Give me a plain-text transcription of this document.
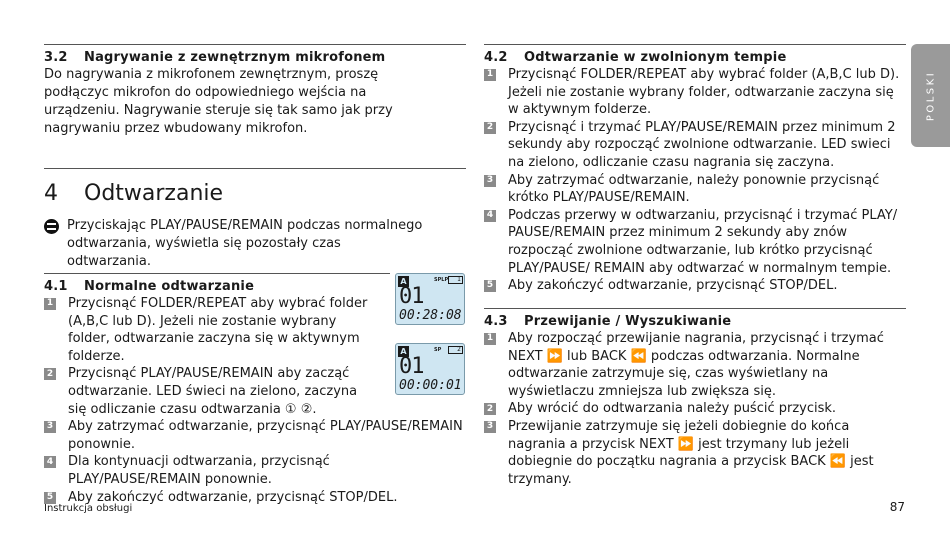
POLSKI
3.2	Nagrywanie z zewnętrznym mikrofonem

Do nagrywania z mikrofonem zewnętrznym, proszę podłączyc mikrofon do odpowiedniego wejścia na urządzeniu. Nagrywanie steruje się tak samo jak przy nagrywaniu przez wbudowany mikrofon.

4	Odtwarzanie
Przyciskając PLAY/PAUSE/REMAIN podczas normalnego odtwarzania, wyświetla się pozostały czas odtwarzania.
4.1	Normalne odtwarzanie
1 Przycisnąć FOLDER/REPEAT aby wybrać folder (A,B,C lub D). Jeżeli nie zostanie wybrany folder, odtwarzanie zaczyna się w aktywnym folderze.
2 Przycisnąć PLAY/PAUSE/REMAIN aby zacząć odtwarzanie. LED świeci na zielono, zaczyna się odliczanie czasu odtwarzania ① ②.
3 Aby zatrzymać odtwarzanie, przycisnąć PLAY/PAUSE/REMAIN ponownie.
4 Dla kontynuacji odtwarzania, przycisnąć PLAY/PAUSE/REMAIN ponownie.
5 Aby zakończyć odtwarzanie, przycisnąć STOP/DEL.
A	SPLP	1
01
00:28:08
A	SP	2
01
00:00:01
4.2	Odtwarzanie w zwolnionym tempie
1 Przycisnąć FOLDER/REPEAT aby wybrać folder (A,B,C lub D). Jeżeli nie zostanie wybrany folder, odtwarzanie zaczyna się w aktywnym folderze.
2 Przycisnąć i trzymać PLAY/PAUSE/REMAIN przez minimum 2 sekundy aby rozpocząć zwolnione odtwarzanie. LED swieci na zielono, odliczanie czasu nagrania się zaczyna.
3 Aby zatrzymać odtwarzanie, należy ponownie przycisnąć krótko PLAY/PAUSE/REMAIN.
4 Podczas przerwy w odtwarzaniu, przycisnąć i trzymać PLAY/ PAUSE/REMAIN przez minimum 2 sekundy aby znów rozpocząć zwolnione odtwarzanie, lub krótko przycisnąć PLAY/PAUSE/ REMAIN aby odtwarzać w normalnym tempie.
5 Aby zakończyć odtwarzanie, przycisnąć STOP/DEL.
4.3	Przewijanie / Wyszukiwanie
1 Aby rozpocząć przewijanie nagrania, przycisnąć i trzymać NEXT ⏩ lub BACK ⏪ podczas odtwarzania. Normalne odtwarzanie zatrzymuje się, czas wyświetlany na wyświetlaczu zmniejsza lub zwiększa się.
2 Aby wrócić do odtwarzania należy puścić przycisk.
3 Przewijanie zatrzymuje się jeżeli dobiegnie do końca nagrania a przycisk NEXT ⏩ jest trzymany lub jeżeli dobiegnie do początku nagrania a przycisk BACK ⏪ jest trzymany.
Instrukcja obsługi	87
